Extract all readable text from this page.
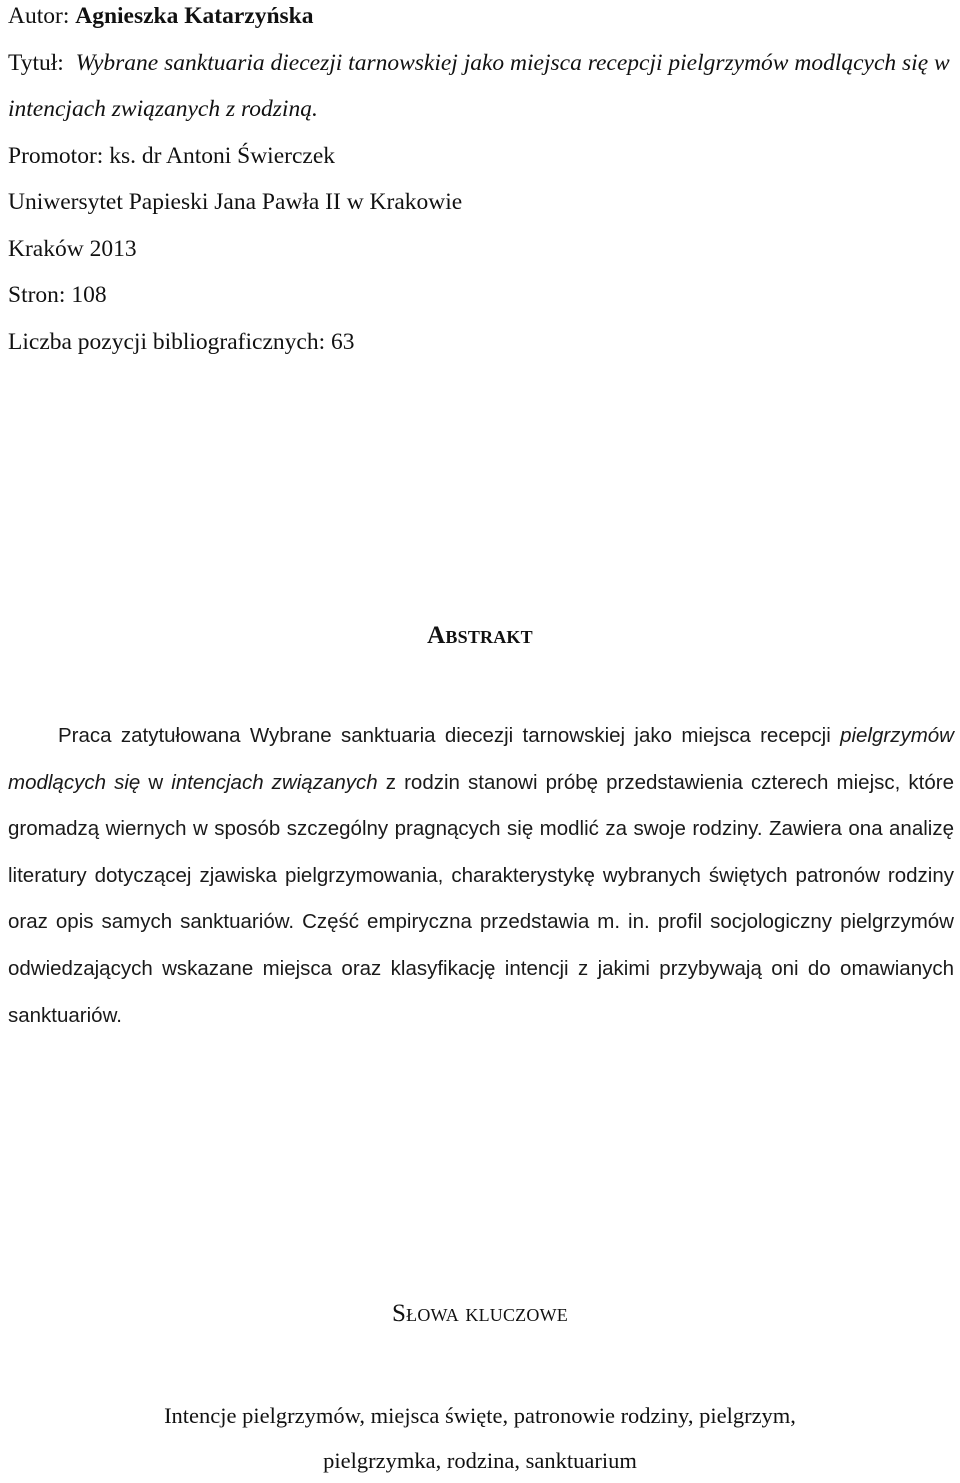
Autor: Agnieszka Katarzyńska
Tytuł: Wybrane sanktuaria diecezji tarnowskiej jako miejsca recepcji pielgrzymów modlących się w intencjach związanych z rodziną.
Promotor: ks. dr Antoni Świerczek
Uniwersytet Papieski Jana Pawła II w Krakowie
Kraków 2013
Stron: 108
Liczba pozycji bibliograficznych: 63
Abstrakt
Praca zatytułowana Wybrane sanktuaria diecezji tarnowskiej jako miejsca recepcji pielgrzymów modlących się w intencjach związanych z rodzin stanowi próbę przedstawienia czterech miejsc, które gromadzą wiernych w sposób szczególny pragnących się modlić za swoje rodziny. Zawiera ona analizę literatury dotyczącej zjawiska pielgrzymowania, charakterystykę wybranych świętych patronów rodziny oraz opis samych sanktuariów. Część empiryczna przedstawia m. in. profil socjologiczny pielgrzymów odwiedzających wskazane miejsca oraz klasyfikację intencji z jakimi przybywają oni do omawianych sanktuariów.
Słowa kluczowe
Intencje pielgrzymów, miejsca święte, patronowie rodziny, pielgrzym,
pielgrzymka, rodzina, sanktuarium
